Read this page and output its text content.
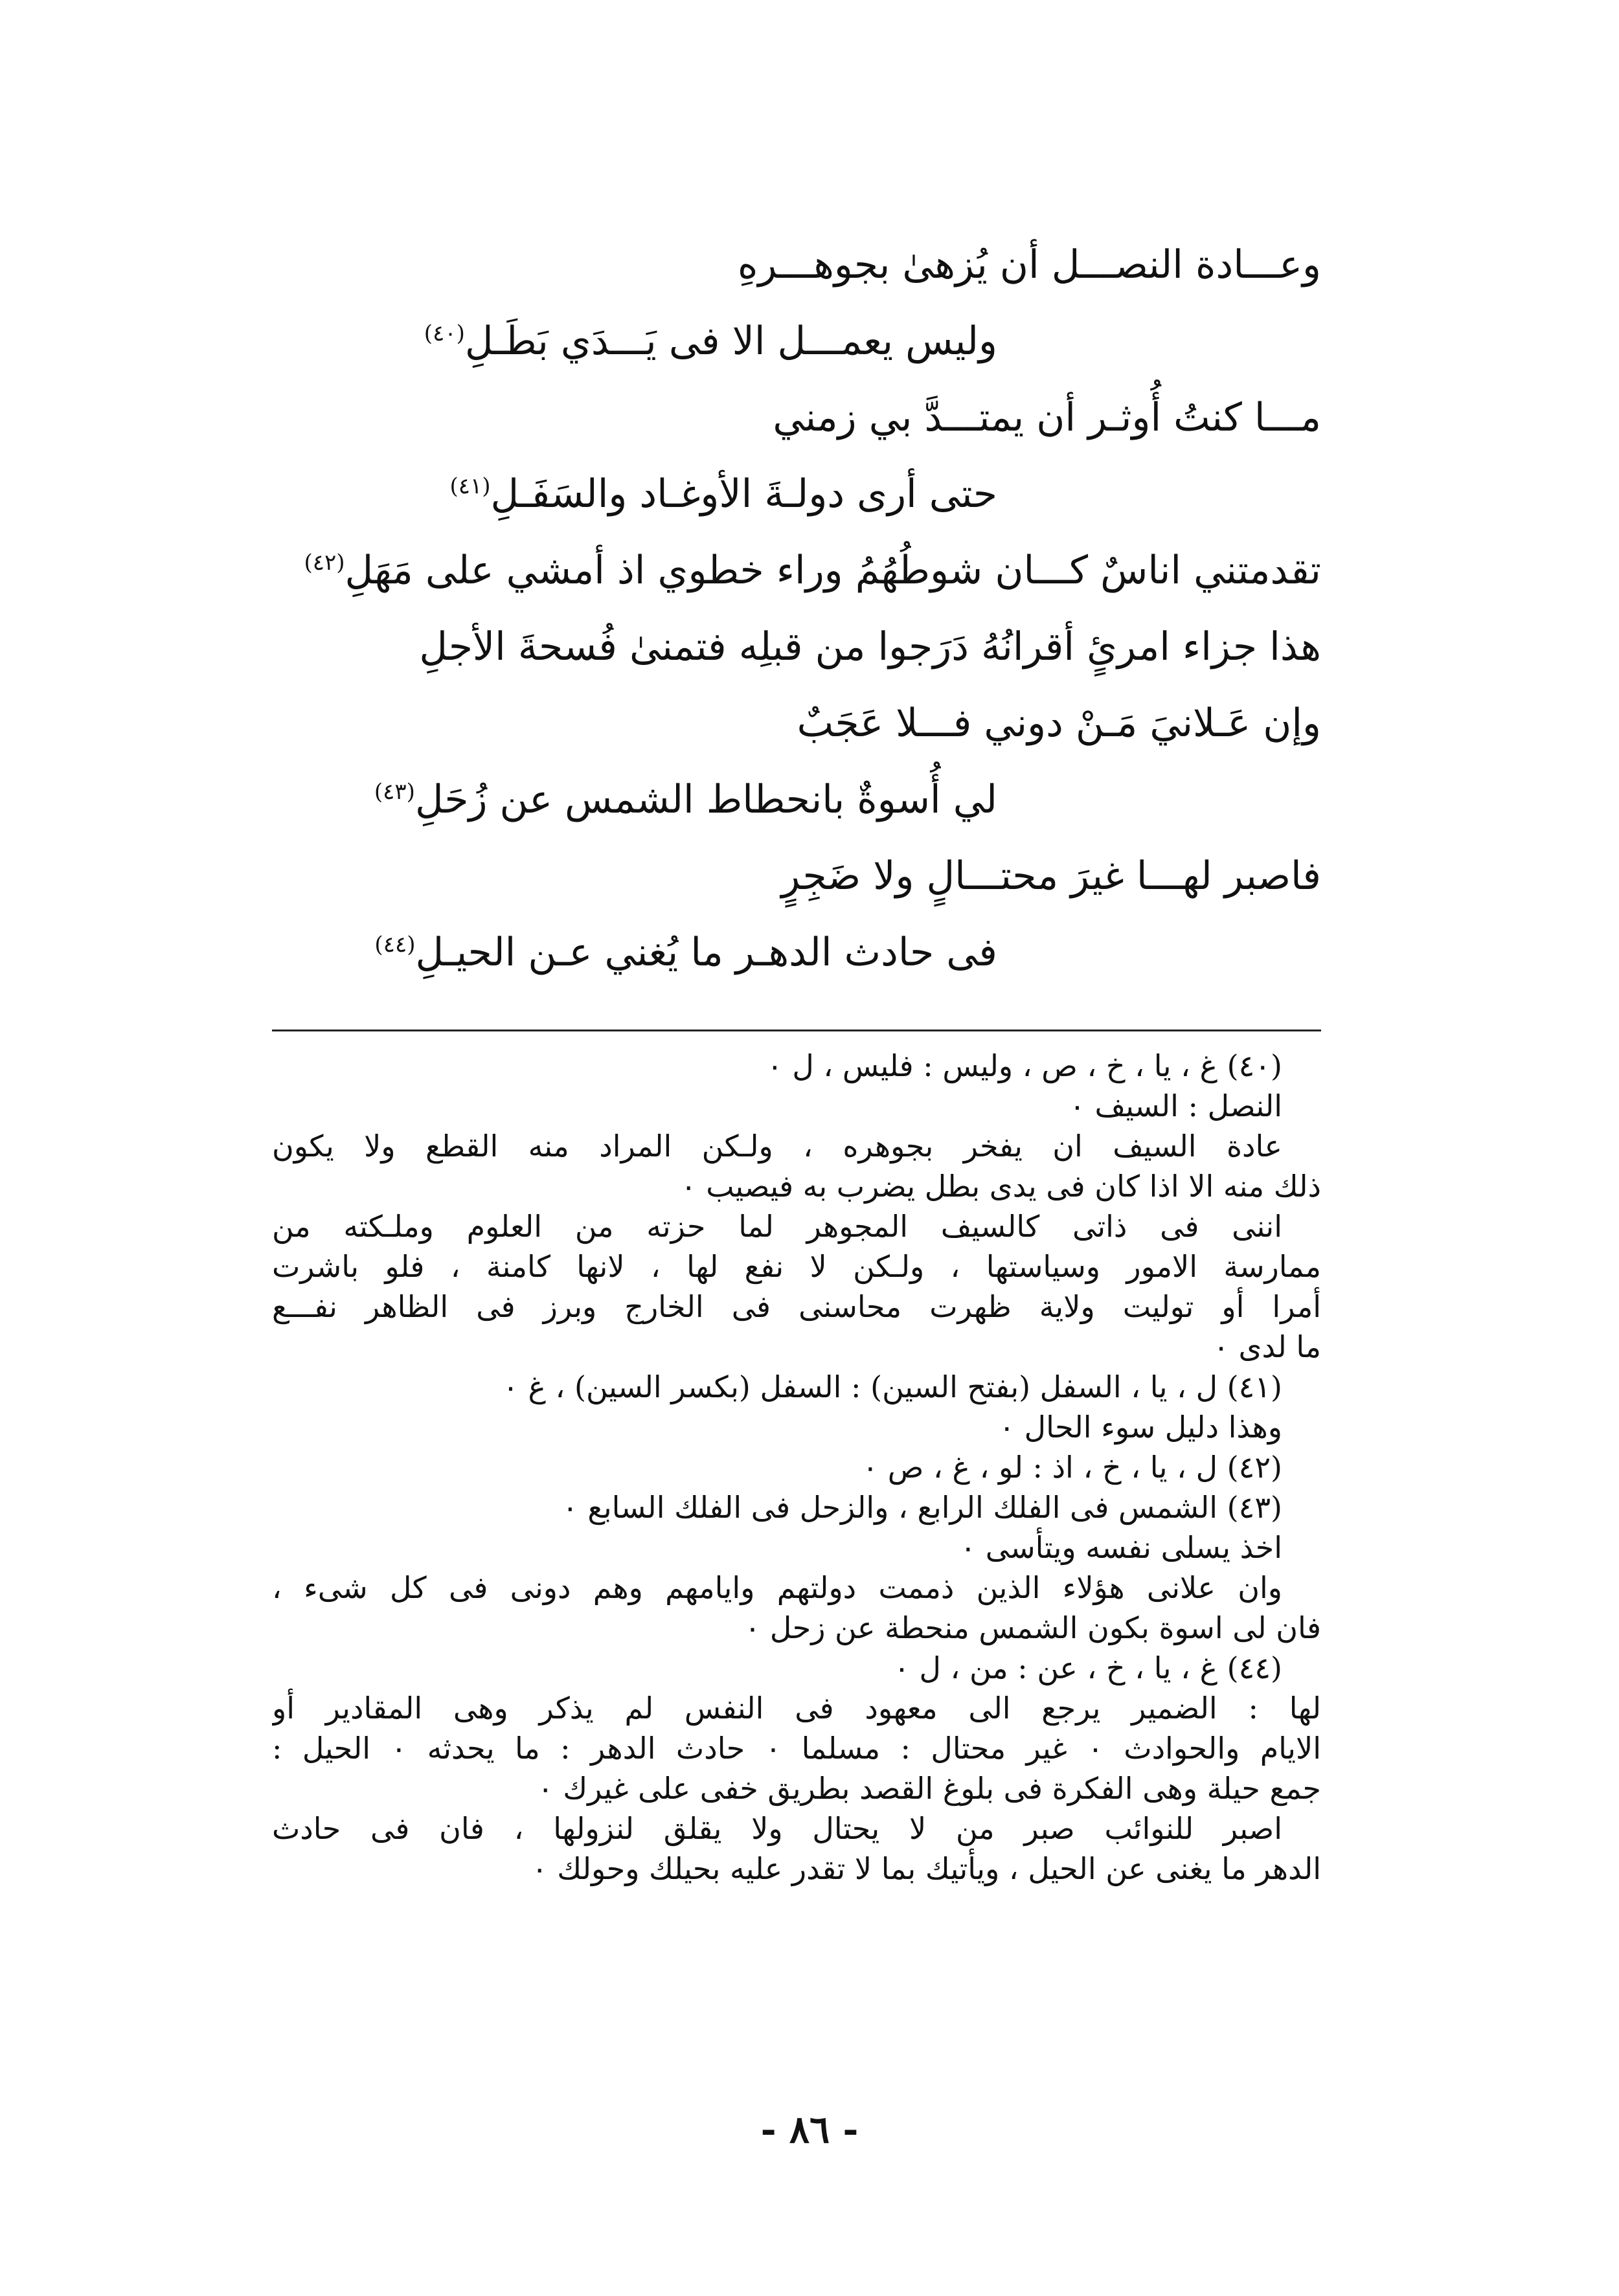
وعـــادة النصـــل أن يُزهىٰ بجوهـــرهِ
وليس يعمـــل الا فى يَـــدَي بَطَـلِ$^{(٤٠)}$
مـــا كنتُ أُوثـر أن يمتـــدَّ بي زمني
حتى أرى دولـةَ الأوغـاد والسَفَـلِ$^{(٤١)}$
تقدمتني اناسٌ كـــان شوطُهُمُ وراء خطوي اذ أمشي على مَهَلِ$^{(٤٢)}$
هذا جزاء امرئٍ أقرانُهُ دَرَجوا من قبلِه فتمنىٰ فُسحةَ الأجلِ
وإن عَـلانيَ مَـنْ دوني فـــلا عَجَبٌ
لي أُسوةٌ بانحطاط الشمس عن زُحَلِ$^{(٤٣)}$
فاصبر لهـــا غيرَ محتـــالٍ ولا ضَجِرٍ
فى حادث الدهـر ما يُغني عـن الحيـلِ$^{(٤٤)}$
(٤٠) غ ، يا ، خ ، ص ، وليس : فليس ، ل ٠
النصل : السيف ٠
عادة السيف ان يفخر بجوهره ، ولـكن المراد منه القطع ولا يكون
ذلك منه الا اذا كان فى يدى بطل يضرب به فيصيب ٠
اننى فى ذاتى كالسيف المجوهر لما حزته من العلوم وملـكته من
ممارسة الامور وسياستها ، ولـكن لا نفع لها ، لانها كامنة ، فلو باشرت
أمرا أو توليت ولاية ظهرت محاسنى فى الخارج وبرز فى الظاهر نفـــع
ما لدى ٠
(٤١) ل ، يا ، السفل (بفتح السين) : السفل (بكسر السين) ، غ ٠
وهذا دليل سوء الحال ٠
(٤٢) ل ، يا ، خ ، اذ : لو ، غ ، ص ٠
(٤٣) الشمس فى الفلك الرابع ، والزحل فى الفلك السابع ٠
اخذ يسلى نفسه ويتأسى ٠
وان علانى هؤلاء الذين ذممت دولتهم وايامهم وهم دونى فى كل شىء ،
فان لى اسوة بكون الشمس منحطة عن زحل ٠
(٤٤) غ ، يا ، خ ، عن : من ، ل ٠
لها : الضمير يرجع الى معهود فى النفس لم يذكر وهى المقادير أو
الايام والحوادث ٠ غير محتال : مسلما ٠ حادث الدهر : ما يحدثه ٠ الحيل :
جمع حيلة وهى الفكرة فى بلوغ القصد بطريق خفى على غيرك ٠
اصبر للنوائب صبر من لا يحتال ولا يقلق لنزولها ، فان فى حادث
الدهر ما يغنى عن الحيل ، ويأتيك بما لا تقدر عليه بحيلك وحولك ٠
- ٨٦ -
